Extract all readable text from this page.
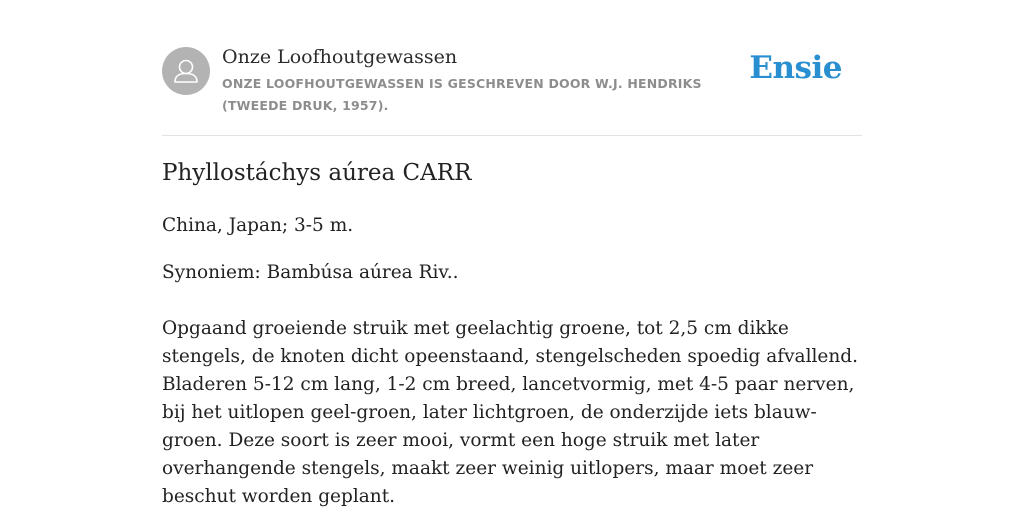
Onze Loofhoutgewassen
ONZE LOOFHOUTGEWASSEN IS GESCHREVEN DOOR W.J. HENDRIKS (TWEEDE DRUK, 1957).
Ensie
Phyllostáchys aúrea CARR

China, Japan; 3-5 m.

Synoniem: Bambúsa aúrea Riv..

Opgaand groeiende struik met geelachtig groene, tot 2,5 cm dikke stengels, de knoten dicht opeenstaand, stengelscheden spoedig afvallend. Bladeren 5-12 cm lang, 1-2 cm breed, lancetvormig, met 4-5 paar nerven, bij het uitlopen geel-groen, later lichtgroen, de onderzijde iets blauw-groen. Deze soort is zeer mooi, vormt een hoge struik met later overhangende stengels, maakt zeer weinig uitlopers, maar moet zeer beschut worden geplant.
